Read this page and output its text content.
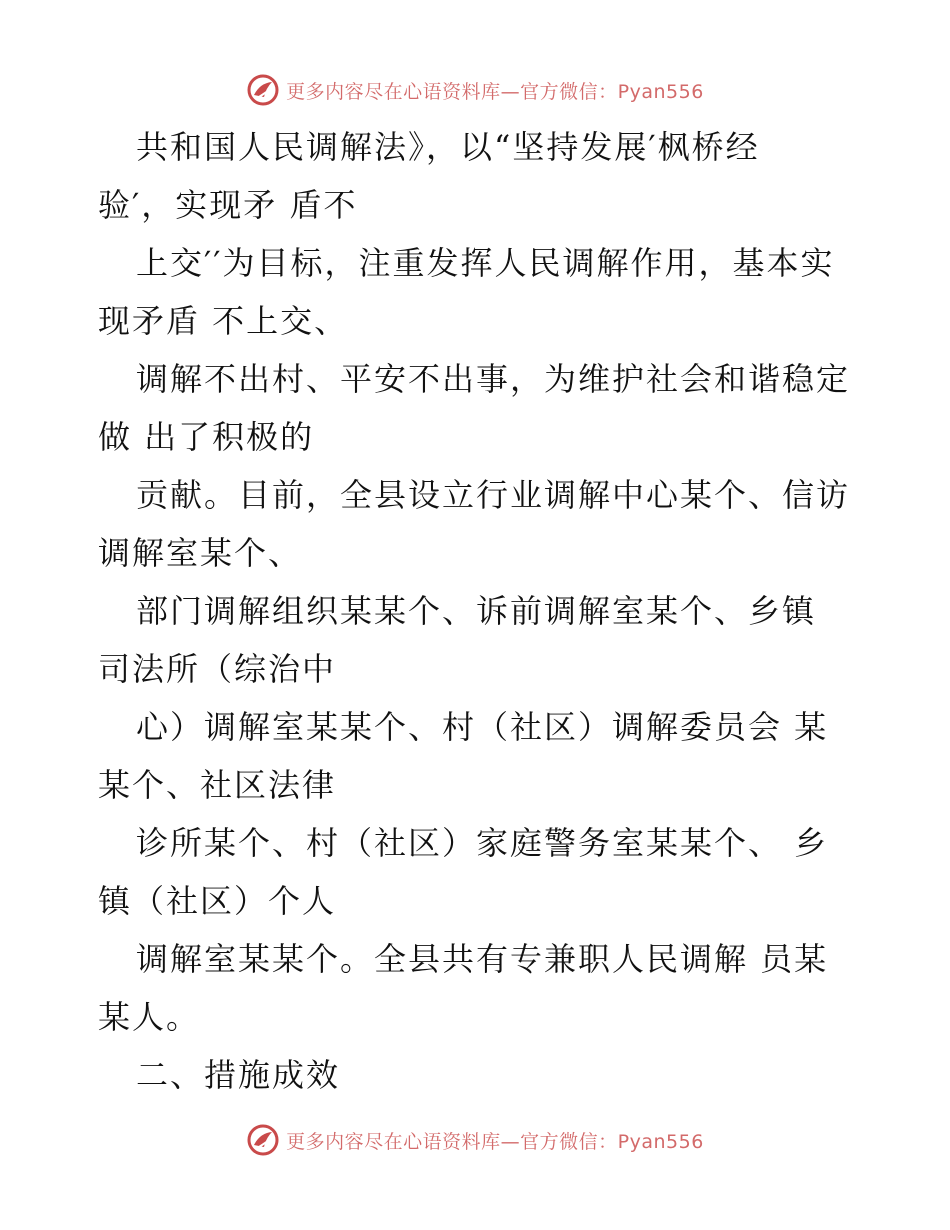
更多内容尽在心语资料库—官方微信：Pyan556
共和国人民调解法》，以“坚持发展′枫桥经
验′，实现矛 盾不
上交′′为目标，注重发挥人民调解作用，基本实
现矛盾 不上交、
调解不出村、平安不出事，为维护社会和谐稳定
做 出了积极的
贡献。目前，全县设立行业调解中心某个、信访
调解室某个、
部门调解组织某某个、诉前调解室某个、乡镇
司法所（综治中
心）调解室某某个、村（社区）调解委员会 某
某个、社区法律
诊所某个、村（社区）家庭警务室某某个、 乡
镇（社区）个人
调解室某某个。全县共有专兼职人民调解 员某
某人。
二、措施成效
更多内容尽在心语资料库—官方微信：Pyan556
